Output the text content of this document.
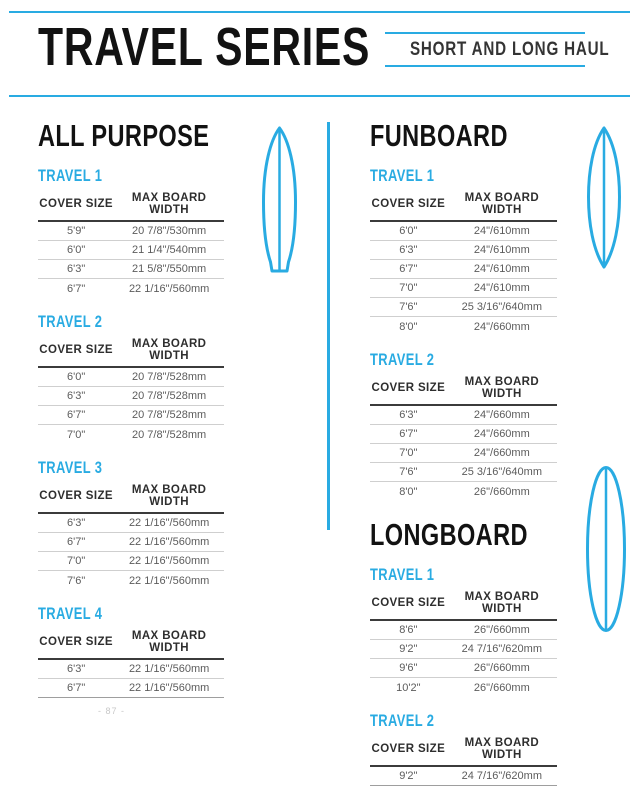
TRAVEL SERIES	SHORT AND LONG HAUL
ALL PURPOSE
TRAVEL 1
COVER SIZE	MAX BOARD WIDTH
5'9"	20 7/8"/530mm
6'0"	21 1/4"/540mm
6'3"	21 5/8"/550mm
6'7"	22 1/16"/560mm
TRAVEL 2
COVER SIZE	MAX BOARD WIDTH
6'0"	20 7/8"/528mm
6'3"	20 7/8"/528mm
6'7"	20 7/8"/528mm
7'0"	20 7/8"/528mm
TRAVEL 3
COVER SIZE	MAX BOARD WIDTH
6'3"	22 1/16"/560mm
6'7"	22 1/16"/560mm
7'0"	22 1/16"/560mm
7'6"	22 1/16"/560mm
TRAVEL 4
COVER SIZE	MAX BOARD WIDTH
6'3"	22 1/16"/560mm
6'7"	22 1/16"/560mm
FUNBOARD
TRAVEL 1
COVER SIZE	MAX BOARD WIDTH
6'0"	24"/610mm
6'3"	24"/610mm
6'7"	24"/610mm
7'0"	24"/610mm
7'6"	25 3/16"/640mm
8'0"	24"/660mm
TRAVEL 2
COVER SIZE	MAX BOARD WIDTH
6'3"	24"/660mm
6'7"	24"/660mm
7'0"	24"/660mm
7'6"	25 3/16"/640mm
8'0"	26"/660mm
LONGBOARD
TRAVEL 1
COVER SIZE	MAX BOARD WIDTH
8'6"	26"/660mm
9'2"	24 7/16"/620mm
9'6"	26"/660mm
10'2"	26"/660mm
TRAVEL 2
COVER SIZE	MAX BOARD WIDTH
9'2"	24 7/16"/620mm
- 87 -
